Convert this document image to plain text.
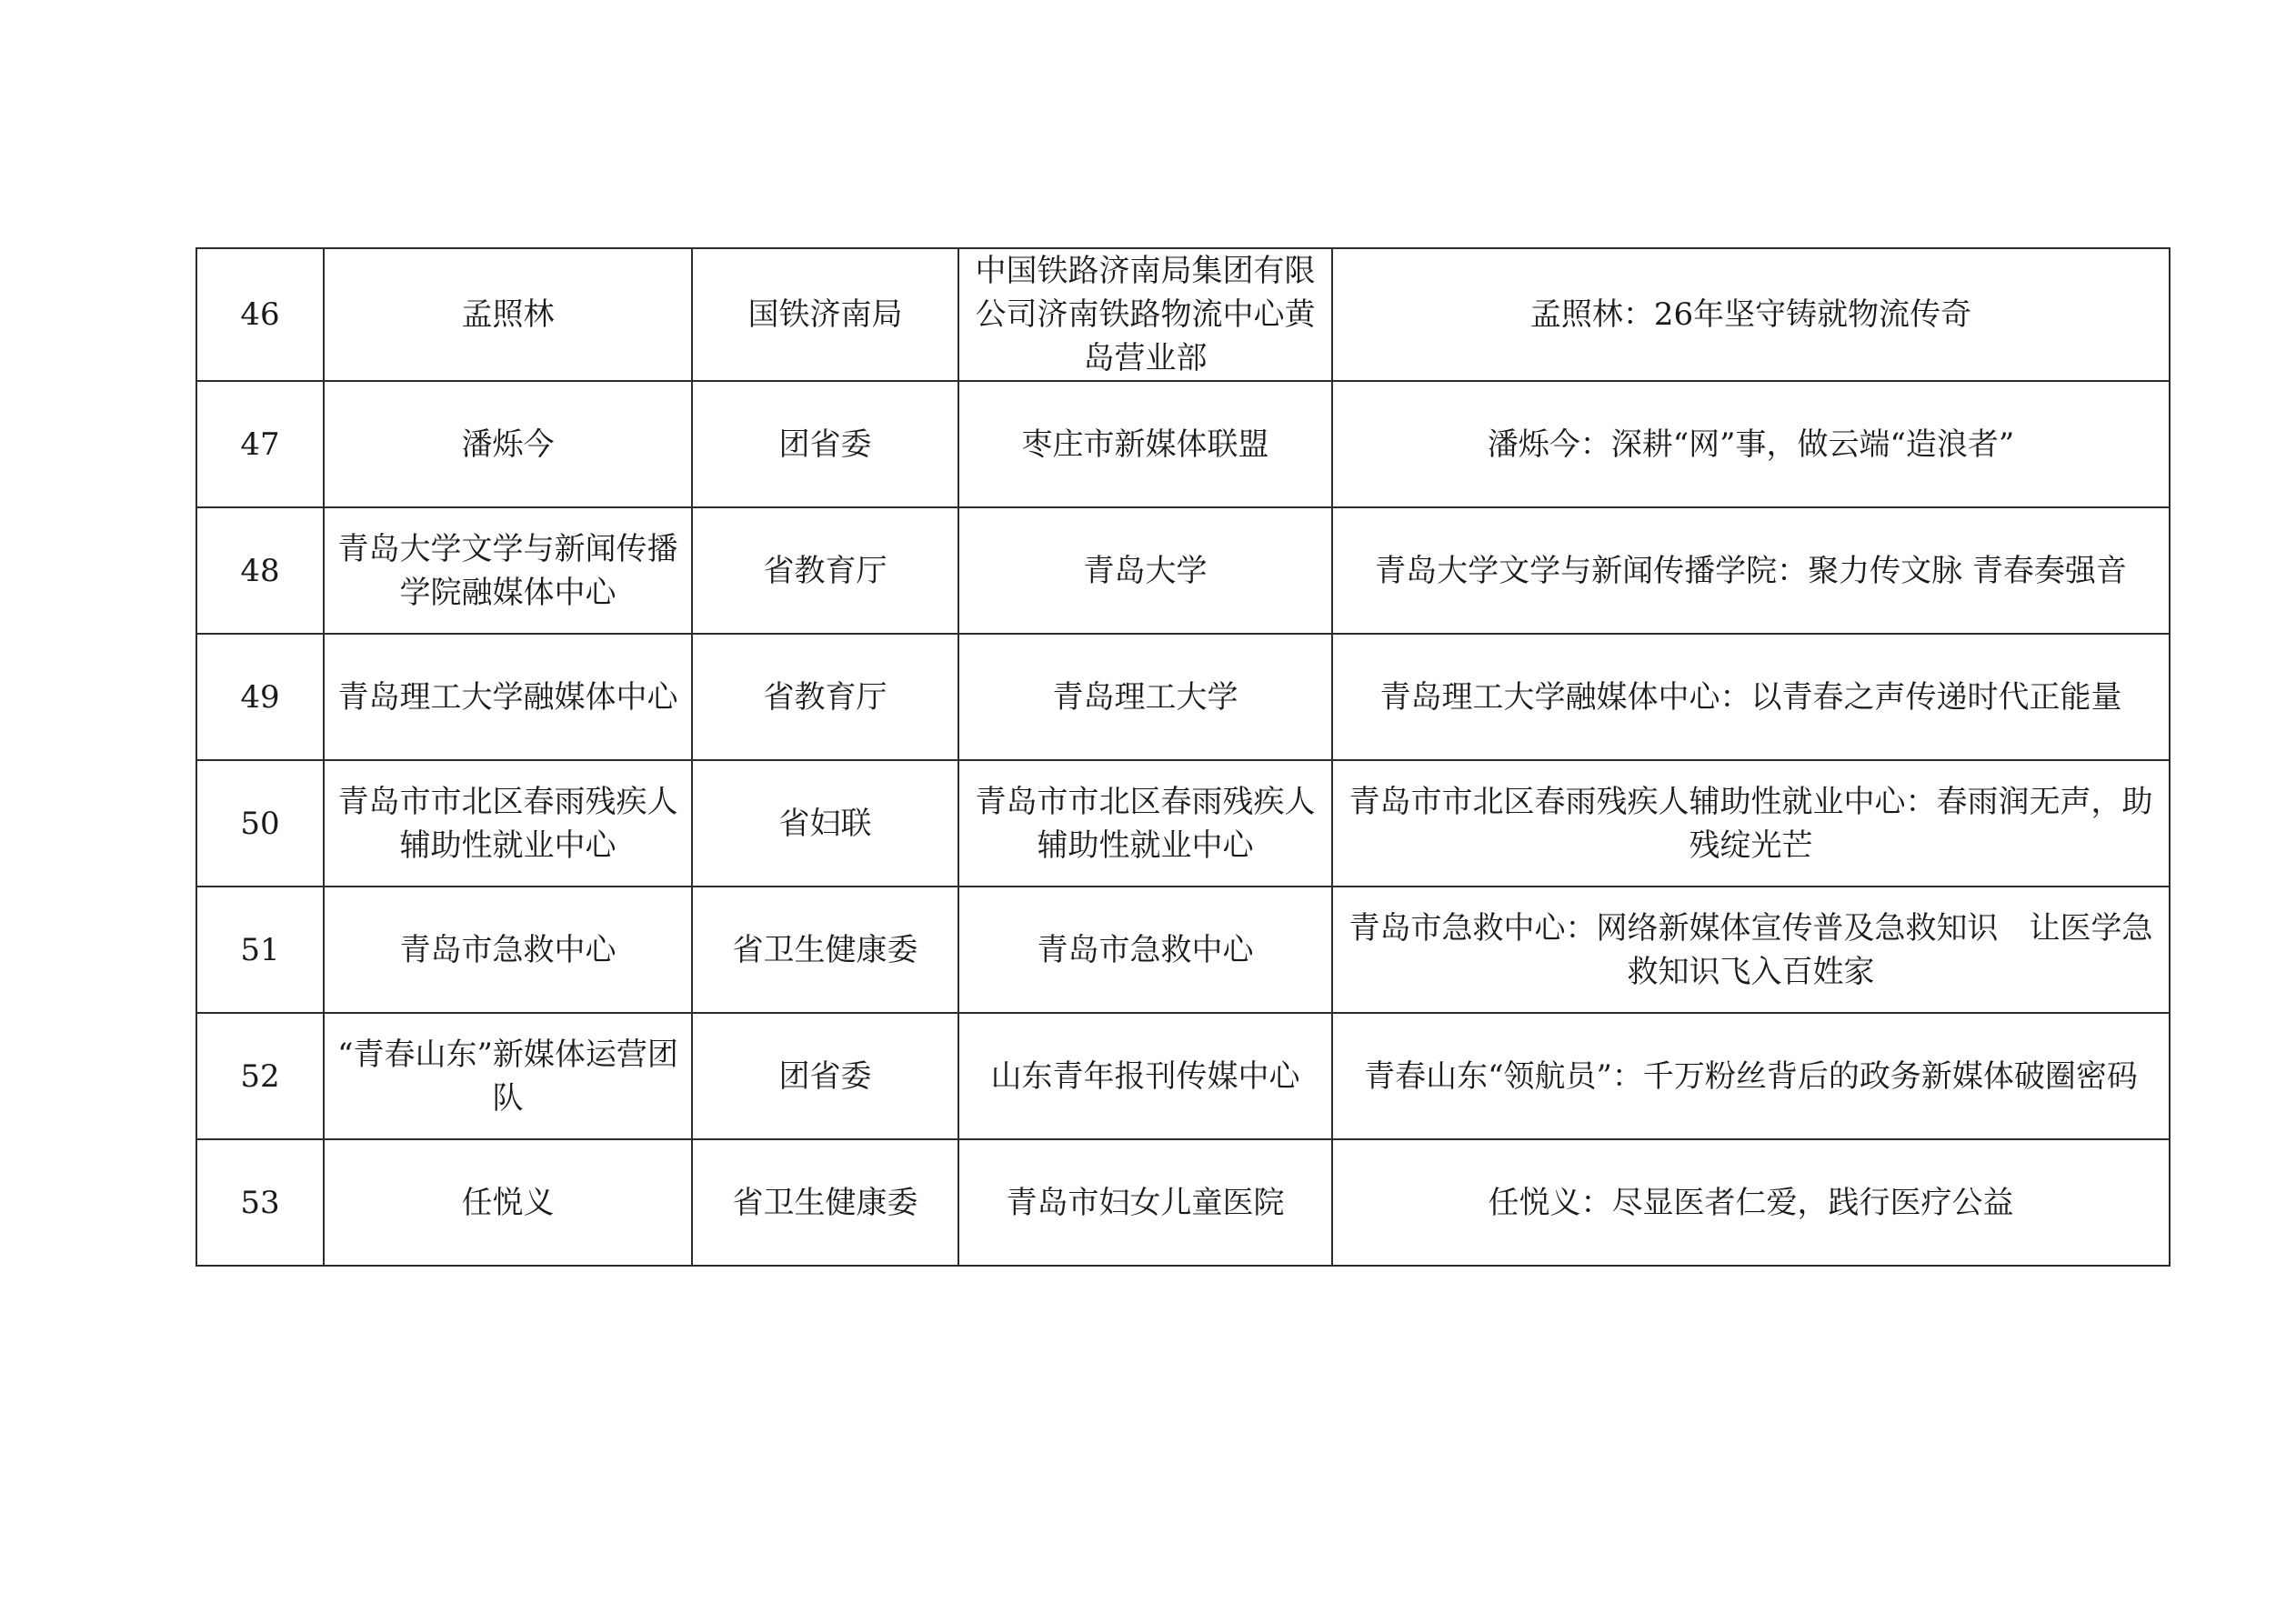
46	孟照林	国铁济南局	中国铁路济南局集团有限公司济南铁路物流中心黄岛营业部	孟照林：26年坚守铸就物流传奇
47	潘烁今	团省委	枣庄市新媒体联盟	潘烁今：深耕“网”事，做云端“造浪者”
48	青岛大学文学与新闻传播学院融媒体中心	省教育厅	青岛大学	青岛大学文学与新闻传播学院：聚力传文脉 青春奏强音
49	青岛理工大学融媒体中心	省教育厅	青岛理工大学	青岛理工大学融媒体中心：以青春之声传递时代正能量
50	青岛市市北区春雨残疾人辅助性就业中心	省妇联	青岛市市北区春雨残疾人辅助性就业中心	青岛市市北区春雨残疾人辅助性就业中心：春雨润无声，助残绽光芒
51	青岛市急救中心	省卫生健康委	青岛市急救中心	青岛市急救中心：网络新媒体宣传普及急救知识　让医学急救知识飞入百姓家
52	“青春山东”新媒体运营团队	团省委	山东青年报刊传媒中心	青春山东“领航员”：千万粉丝背后的政务新媒体破圈密码
53	任悦义	省卫生健康委	青岛市妇女儿童医院	任悦义：尽显医者仁爱，践行医疗公益
